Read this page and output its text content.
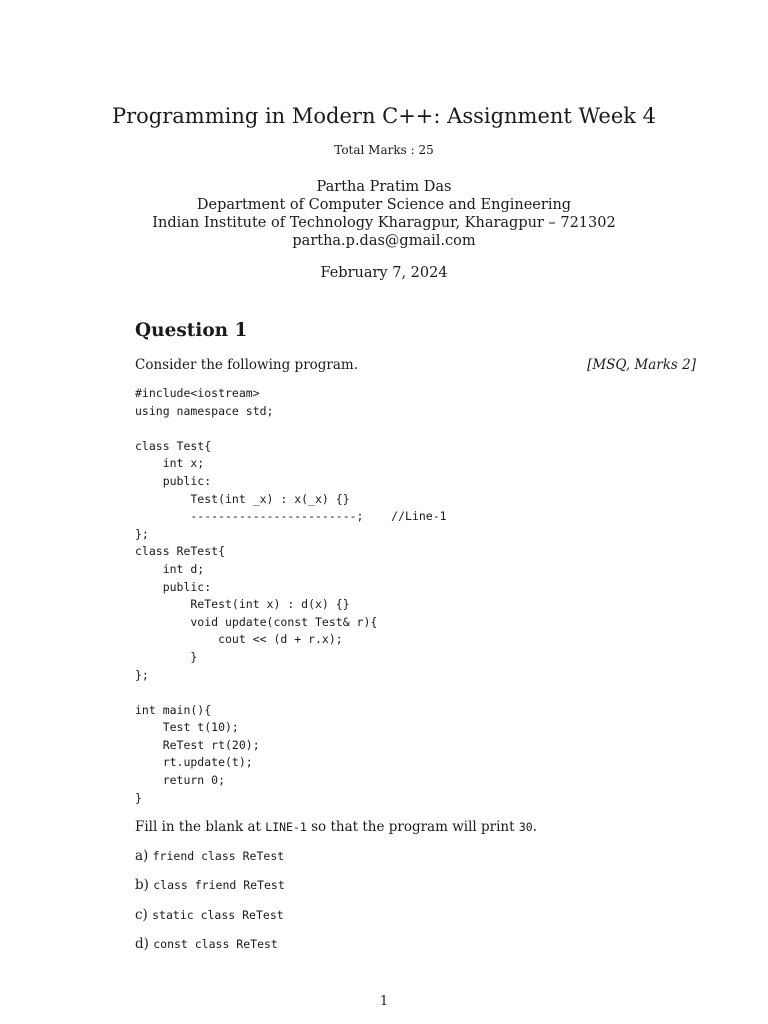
Programming in Modern C++: Assignment Week 4
Total Marks : 25
Partha Pratim Das
Department of Computer Science and Engineering
Indian Institute of Technology Kharagpur, Kharagpur – 721302
partha.p.das@gmail.com
February 7, 2024
Question 1
Consider the following program.	[MSQ, Marks 2]
#include<iostream>
using namespace std;

class Test{
int x;
public:
Test(int _x) : x(_x) {}
------------------------;    //Line-1
};
class ReTest{
int d;
public:
ReTest(int x) : d(x) {}
void update(const Test& r){
cout << (d + r.x);
}
};

int main(){
Test t(10);
ReTest rt(20);
rt.update(t);
return 0;
}
Fill in the blank at LINE-1 so that the program will print 30.
a) friend class ReTest
b) class friend ReTest
c) static class ReTest
d) const class ReTest
1
